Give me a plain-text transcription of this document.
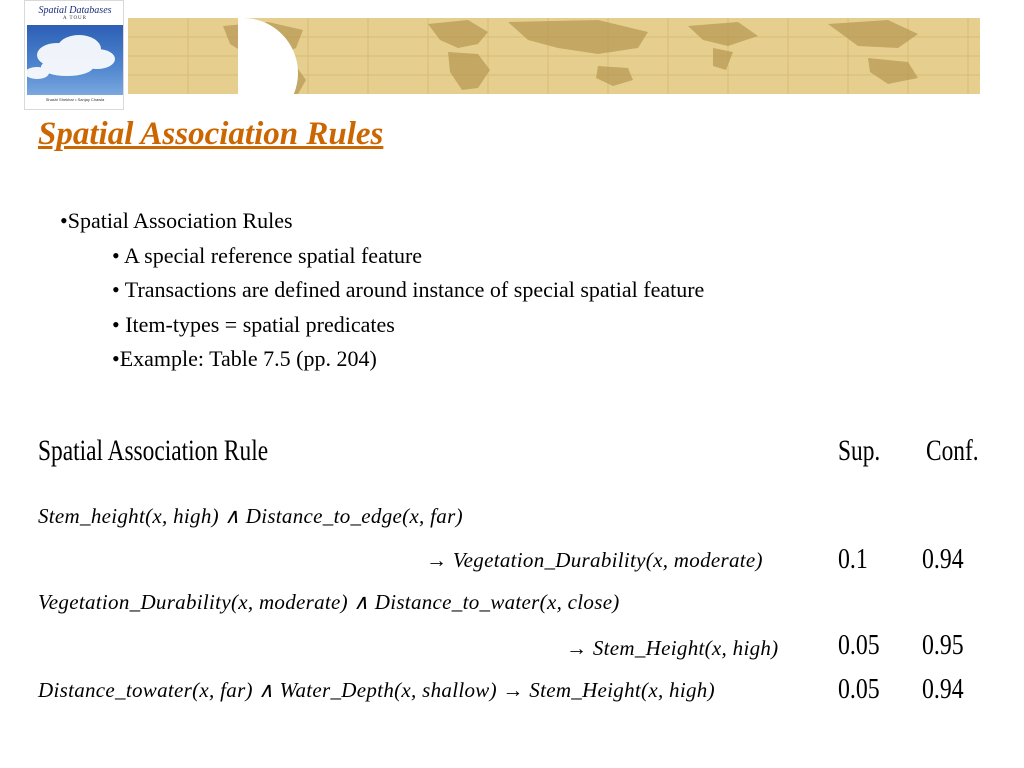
Spatial Databases
A TOUR
Shashi Shekhar • Sanjay Chawla
Spatial Association Rules
•Spatial Association Rules
• A special reference spatial feature
• Transactions are defined around instance of special spatial feature
• Item-types = spatial predicates
•Example: Table 7.5 (pp. 204)
Spatial Association Rule	Sup. Conf.
Stem_height(x, high) ∧ Distance_to_edge(x, far)
→ Vegetation_Durability(x, moderate)	0.1 0.94
Vegetation_Durability(x, moderate) ∧ Distance_to_water(x, close)
→ Stem_Height(x, high) 0.05 0.95
Distance_towater(x, far) ∧ Water_Depth(x, shallow) → Stem_Height(x, high)	0.05 0.94
